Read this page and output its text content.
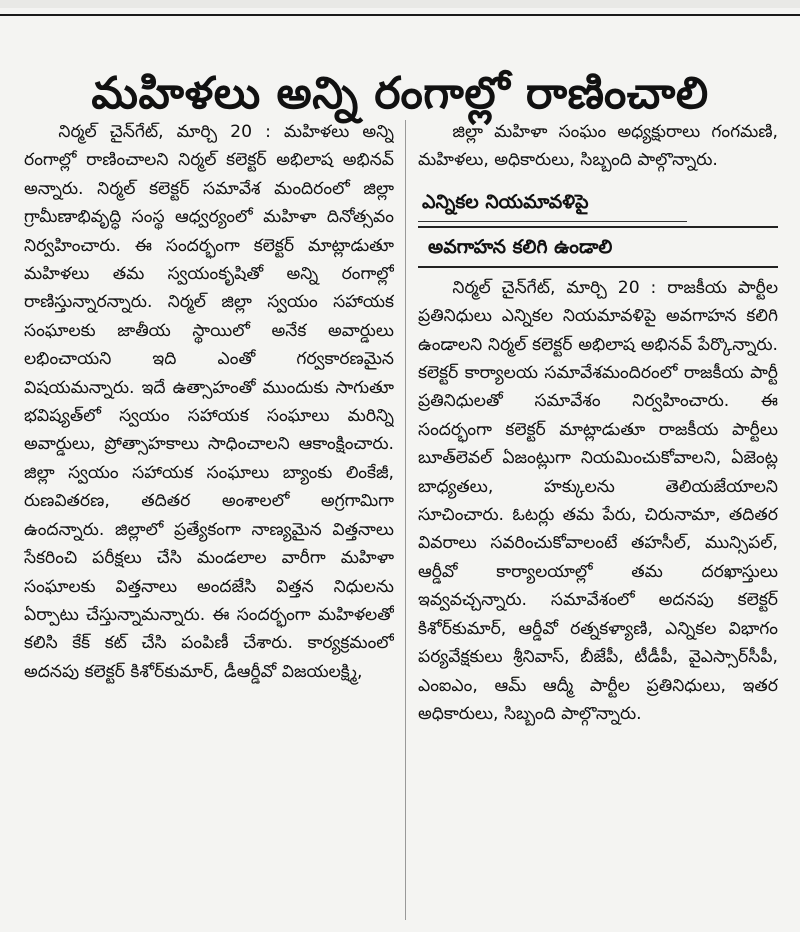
మహిళలు అన్ని రంగాల్లో రాణించాలి

నిర్మల్ చైన్‌గేట్, మార్చి 20 : మహిళలు అన్ని రంగాల్లో రాణించాలని నిర్మల్ కలెక్టర్ అభిలాష అభినవ్ అన్నారు. నిర్మల్ కలెక్టర్ సమావేశ మందిరంలో జిల్లా గ్రామీణాభివృద్ధి సంస్థ ఆధ్వర్యంలో మహిళా దినోత్సవం నిర్వహించారు. ఈ సందర్భంగా కలెక్టర్ మాట్లాడుతూ మహిళలు తమ స్వయంకృషితో అన్ని రంగాల్లో రాణిస్తున్నారన్నారు. నిర్మల్ జిల్లా స్వయం సహాయక సంఘాలకు జాతీయ స్థాయిలో అనేక అవార్డులు లభించాయని ఇది ఎంతో గర్వకారణమైన విషయమన్నారు. ఇదే ఉత్సాహంతో ముందుకు సాగుతూ భవిష్యత్‌లో స్వయం సహాయక సంఘాలు మరిన్ని అవార్డులు, ప్రోత్సాహకాలు సాధించాలని ఆకాంక్షించారు. జిల్లా స్వయం సహాయక సంఘాలు బ్యాంకు లింకేజీ, రుణవితరణ, తదితర అంశాలలో అగ్రగామిగా ఉందన్నారు. జిల్లాలో ప్రత్యేకంగా నాణ్యమైన విత్తనాలు సేకరించి పరీక్షలు చేసి మండలాల వారీగా మహిళా సంఘాలకు విత్తనాలు అందజేసి విత్తన నిధులను ఏర్పాటు చేస్తున్నామన్నారు. ఈ సందర్భంగా మహిళలతో కలిసి కేక్ కట్ చేసి పంపిణీ చేశారు. కార్యక్రమంలో అదనపు కలెక్టర్ కిశోర్‌కుమార్, డీఆర్డీవో విజయలక్ష్మి,

జిల్లా మహిళా సంఘం అధ్యక్షురాలు గంగమణి, మహిళలు, అధికారులు, సిబ్బంది పాల్గొన్నారు.

ఎన్నికల నియమావళిపై
అవగాహన కలిగి ఉండాలి

నిర్మల్ చైన్‌గేట్, మార్చి 20 : రాజకీయ పార్టీల ప్రతినిధులు ఎన్నికల నియమావళిపై అవగాహన కలిగి ఉండాలని నిర్మల్ కలెక్టర్ అభిలాష అభినవ్ పేర్కొన్నారు. కలెక్టర్ కార్యాలయ సమావేశమందిరంలో రాజకీయ పార్టీ ప్రతినిధులతో సమావేశం నిర్వహించారు. ఈ సందర్భంగా కలెక్టర్ మాట్లాడుతూ రాజకీయ పార్టీలు బూత్‌లెవల్ ఏజంట్లుగా నియమించుకోవాలని, ఏజెంట్ల బాధ్యతలు, హక్కులను తెలియజేయాలని సూచించారు. ఓటర్లు తమ పేరు, చిరునామా, తదితర వివరాలు సవరించుకోవాలంటే తహసీల్, మున్సిపల్, ఆర్డీవో కార్యాలయాల్లో తమ దరఖాస్తులు ఇవ్వవచ్చన్నారు. సమావేశంలో అదనపు కలెక్టర్ కిశోర్‌కుమార్, ఆర్డీవో రత్నకళ్యాణి, ఎన్నికల విభాగం పర్యవేక్షకులు శ్రీనివాస్, బీజేపీ, టీడీపీ, వైఎస్సార్‌సీపీ, ఎంఐఎం, ఆమ్ ఆద్మీ పార్టీల ప్రతినిధులు, ఇతర అధికారులు, సిబ్బంది పాల్గొన్నారు.
